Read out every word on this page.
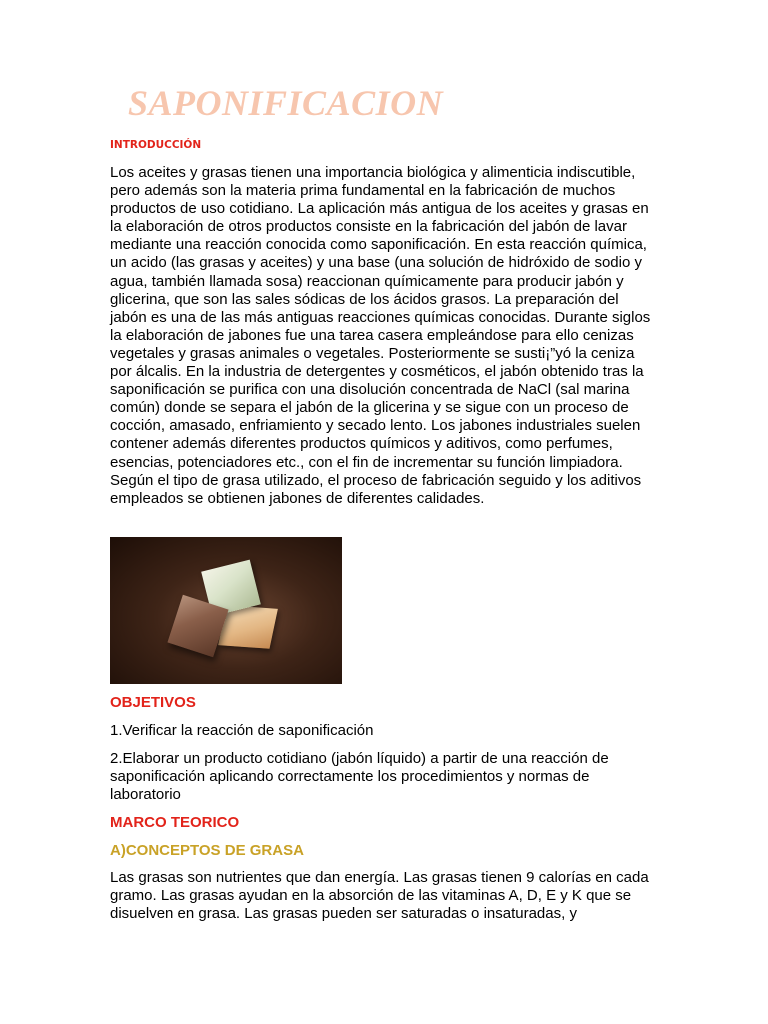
SAPONIFICACION
INTRODUCCIÓN

Los aceites y grasas tienen una importancia biológica y alimenticia indiscutible, pero además son la materia prima fundamental en la fabricación de muchos productos de uso cotidiano. La aplicación más antigua de los aceites y grasas en la elaboración de otros productos consiste en la fabricación del jabón de lavar mediante una reacción conocida como saponificación. En esta reacción química, un acido (las grasas y aceites) y una base (una solución de hidróxido de sodio y agua, también llamada sosa) reaccionan químicamente para producir jabón y glicerina, que son las sales sódicas de los ácidos grasos. La preparación del jabón es una de las más antiguas reacciones químicas conocidas. Durante siglos la elaboración de jabones fue una tarea casera empleándose para ello cenizas vegetales y grasas animales o vegetales. Posteriormente se susti¡”yó la ceniza por álcalis. En la industria de detergentes y cosméticos, el jabón obtenido tras la saponificación se purifica con una disolución concentrada de NaCl (sal marina común) donde se separa el jabón de la glicerina y se sigue con un proceso de cocción, amasado, enfriamiento y secado lento. Los jabones industriales suelen contener además diferentes productos químicos y aditivos, como perfumes, esencias, potenciadores etc., con el fin de incrementar su función limpiadora. Según el tipo de grasa utilizado, el proceso de fabricación seguido y los aditivos empleados se obtienen jabones de diferentes calidades.

OBJETIVOS

1.Verificar la reacción de saponificación

2.Elaborar un producto cotidiano (jabón líquido) a partir de una reacción de saponificación aplicando correctamente los procedimientos y normas de laboratorio

MARCO TEORICO
A)CONCEPTOS DE GRASA

Las grasas son nutrientes que dan energía. Las grasas tienen 9 calorías en cada gramo. Las grasas ayudan en la absorción de las vitaminas A, D, E y K que se disuelven en grasa. Las grasas pueden ser saturadas o insaturadas, y
